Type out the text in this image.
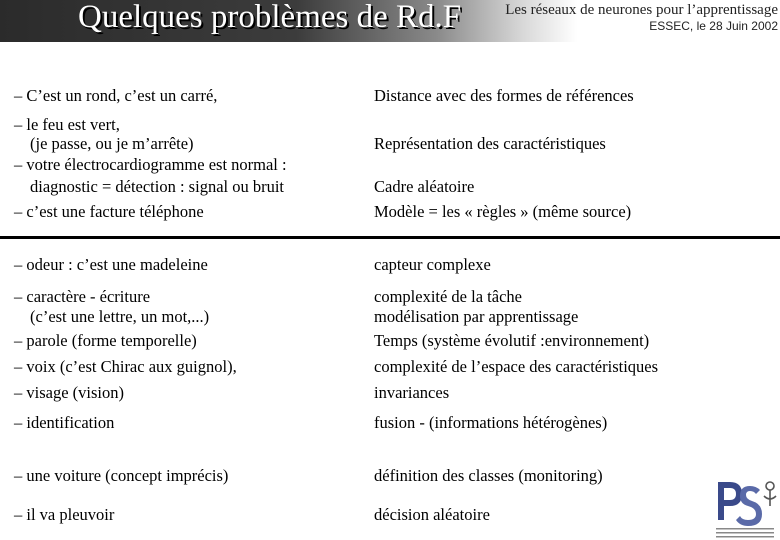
Quelques problèmes de Rd.F	Les réseaux de neurones pour l’apprentissage
ESSEC, le 28 Juin 2002
– C’est un rond, c’est un carré,
– le feu est vert,
(je passe, ou je m’arrête)
– votre électrocardiogramme est normal :
diagnostic = détection : signal ou bruit
– c’est une facture téléphone
Distance avec des formes de références
Représentation des caractéristiques
Cadre aléatoire
Modèle = les « règles » (même source)
– odeur : c’est une madeleine
– caractère - écriture
(c’est une lettre, un mot,...)
– parole (forme temporelle)
– voix (c’est Chirac aux guignol),
– visage (vision)
– identification
– une voiture (concept imprécis)
– il va pleuvoir
capteur complexe
complexité de la tâche
modélisation par apprentissage
Temps (système évolutif :environnement)
complexité de l’espace des caractéristiques
invariances
fusion - (informations hétérogènes)
définition des classes (monitoring)
décision aléatoire
